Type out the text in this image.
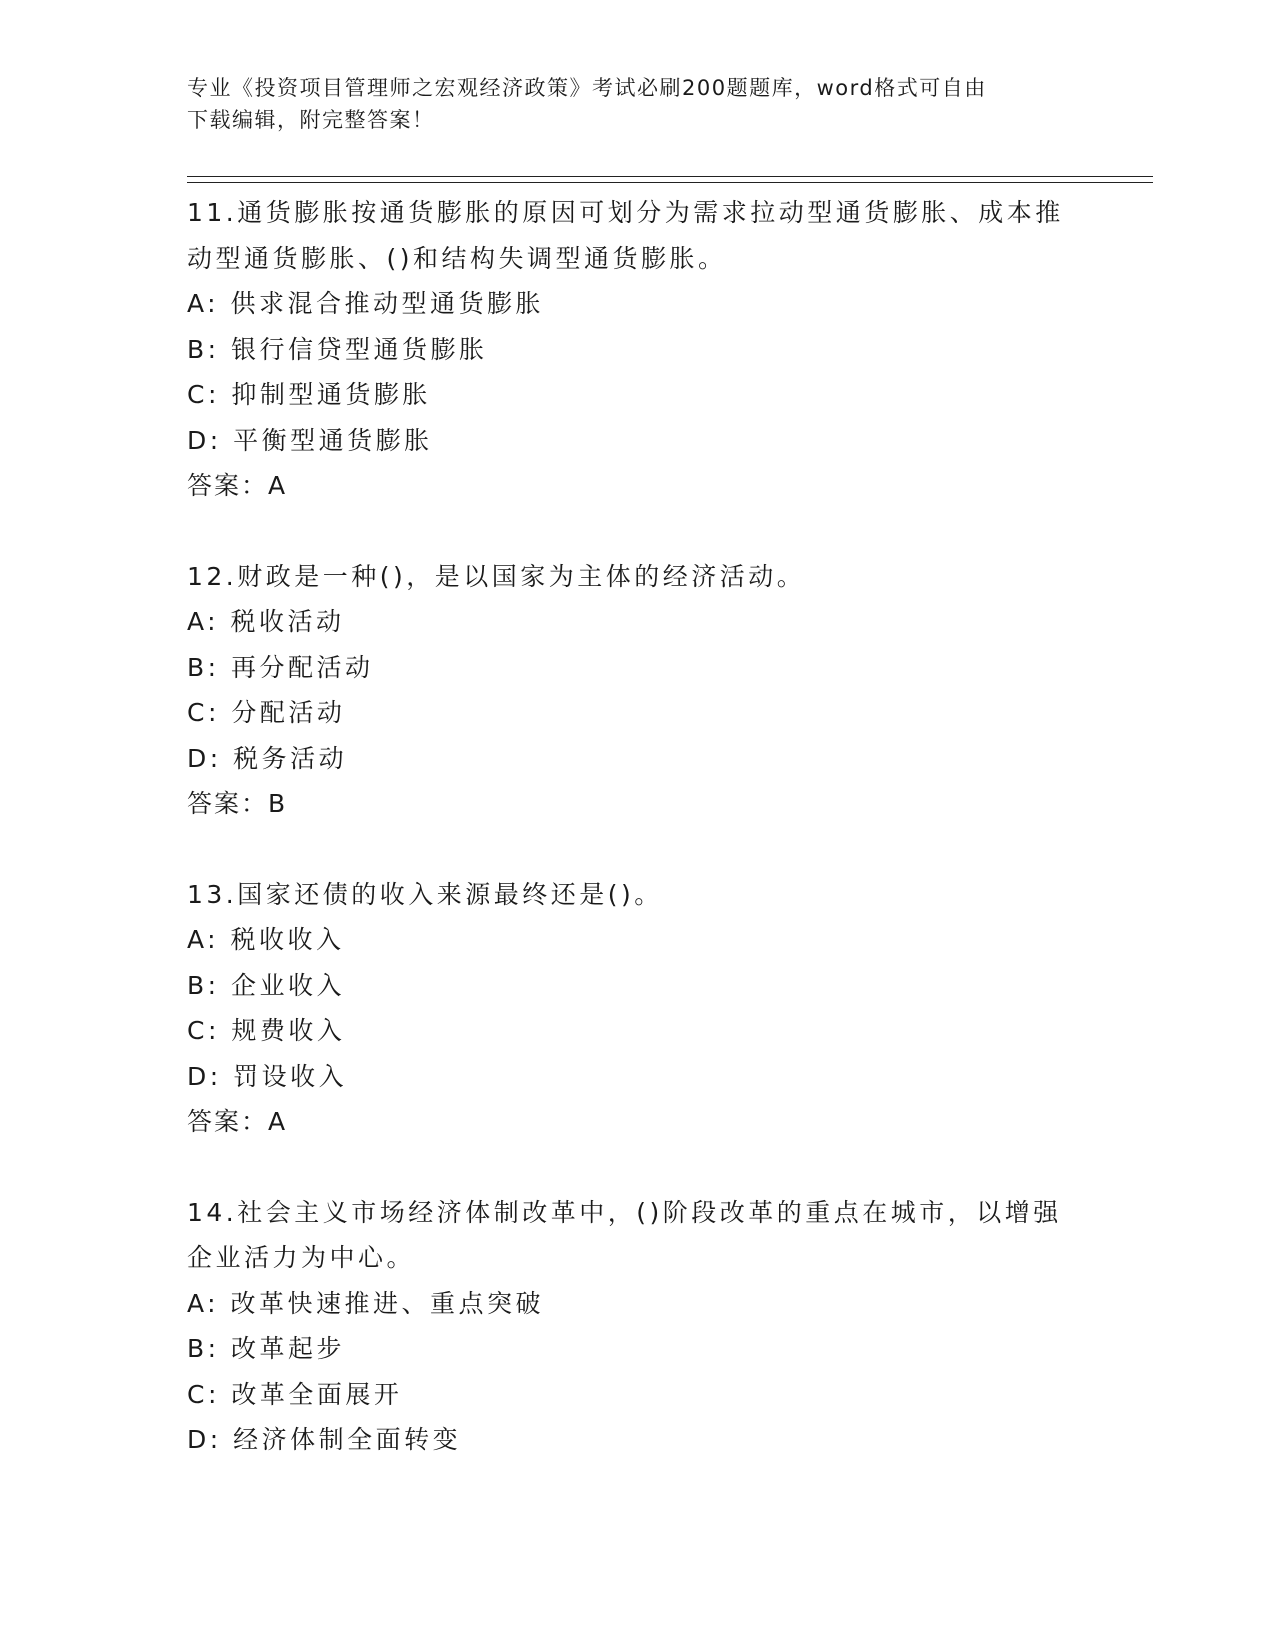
专业《投资项目管理师之宏观经济政策》考试必刷200题题库，word格式可自由
下载编辑，附完整答案！
11.通货膨胀按通货膨胀的原因可划分为需求拉动型通货膨胀、成本推
动型通货膨胀、()和结构失调型通货膨胀。
A: 供求混合推动型通货膨胀
B: 银行信贷型通货膨胀
C: 抑制型通货膨胀
D: 平衡型通货膨胀
答案：A
12.财政是一种()，是以国家为主体的经济活动。
A: 税收活动
B: 再分配活动
C: 分配活动
D: 税务活动
答案：B
13.国家还债的收入来源最终还是()。
A: 税收收入
B: 企业收入
C: 规费收入
D: 罚设收入
答案：A
14.社会主义市场经济体制改革中，()阶段改革的重点在城市，以增强
企业活力为中心。
A: 改革快速推进、重点突破
B: 改革起步
C: 改革全面展开
D: 经济体制全面转变
